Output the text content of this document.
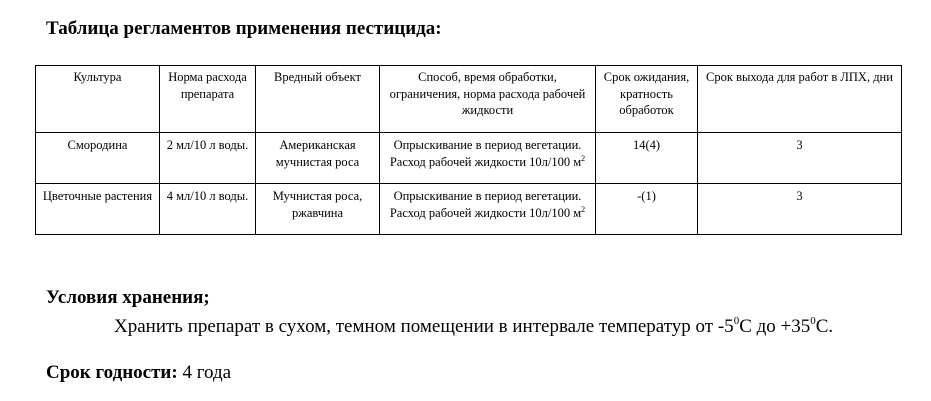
Таблица регламентов применения пестицида:
Культура	Норма расхода препарата	Вредный объект	Способ, время обработки, ограничения, норма расхода рабочей жидкости	Срок ожидания, кратность обработок	Срок выхода для работ в ЛПХ, дни
Смородина	2 мл/10 л воды.	Американская мучнистая роса	Опрыскивание в период вегетации. Расход рабочей жидкости 10л/100 $м^2$	14(4)	3
Цветочные растения	4 мл/10 л воды.	Мучнистая роса, ржавчина	Опрыскивание в период вегетации. Расход рабочей жидкости 10л/100 $м^2$	-(1)	3
Условия хранения;
Хранить препарат в сухом, темном помещении в интервале температур от $-5^0С$ до $+35^0С$.
Срок годности: 4 года
